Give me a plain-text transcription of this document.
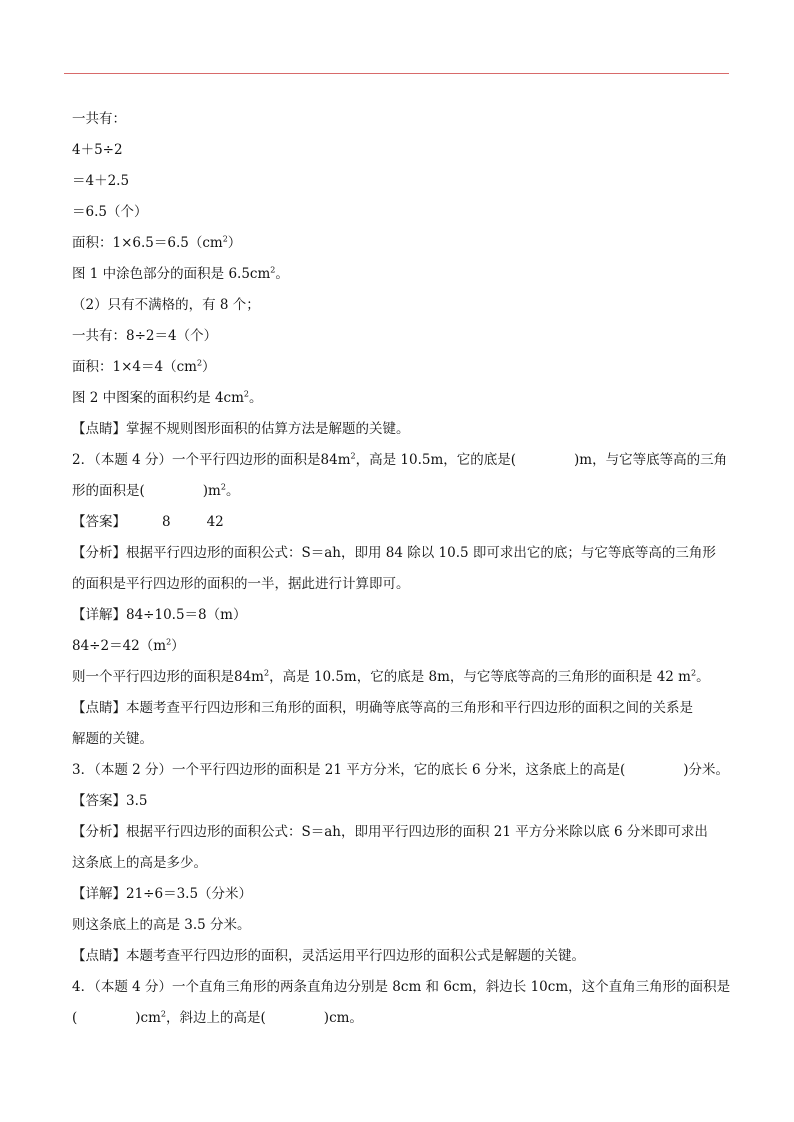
一共有：
4＋5÷2
＝4＋2.5
＝6.5（个）
面积：$1\times 6.5=6.5(cm^2)$
图 1 中涂色部分的面积是 $6.5cm^2$。
（2）只有不满格的，有 8 个；
一共有：8÷2＝4（个）
面积：$1\times 4=4(cm^2)$
图 2 中图案的面积约是 $4cm^2$。
【点睛】掌握不规则图形面积的估算方法是解题的关键。
2．（本题 4 分）一个平行四边形的面积是$84m^2$，高是 10.5m，它的底是(	)m，与它等底等高的三角
形的面积是(	)$m^2$。
【答案】	8	42
【分析】根据平行四边形的面积公式：S＝ah，即用 84 除以 10.5 即可求出它的底；与它等底等高的三角形
的面积是平行四边形的面积的一半，据此进行计算即可。
【详解】84÷10.5＝8（m）
$84\div 2=42(m^2)$
则一个平行四边形的面积是$84m^2$，高是 10.5m，它的底是 8m，与它等底等高的三角形的面积是 42 $m^2$。
【点睛】本题考查平行四边形和三角形的面积，明确等底等高的三角形和平行四边形的面积之间的关系是
解题的关键。
3．（本题 2 分）一个平行四边形的面积是 21 平方分米，它的底长 6 分米，这条底上的高是(	)分米。
【答案】3.5
【分析】根据平行四边形的面积公式：S＝ah，即用平行四边形的面积 21 平方分米除以底 6 分米即可求出
这条底上的高是多少。
【详解】21÷6＝3.5（分米）
则这条底上的高是 3.5 分米。
【点睛】本题考查平行四边形的面积，灵活运用平行四边形的面积公式是解题的关键。
4．（本题 4 分）一个直角三角形的两条直角边分别是 8cm 和 6cm，斜边长 10cm，这个直角三角形的面积是
(	)$cm^2$，斜边上的高是(	)cm。
